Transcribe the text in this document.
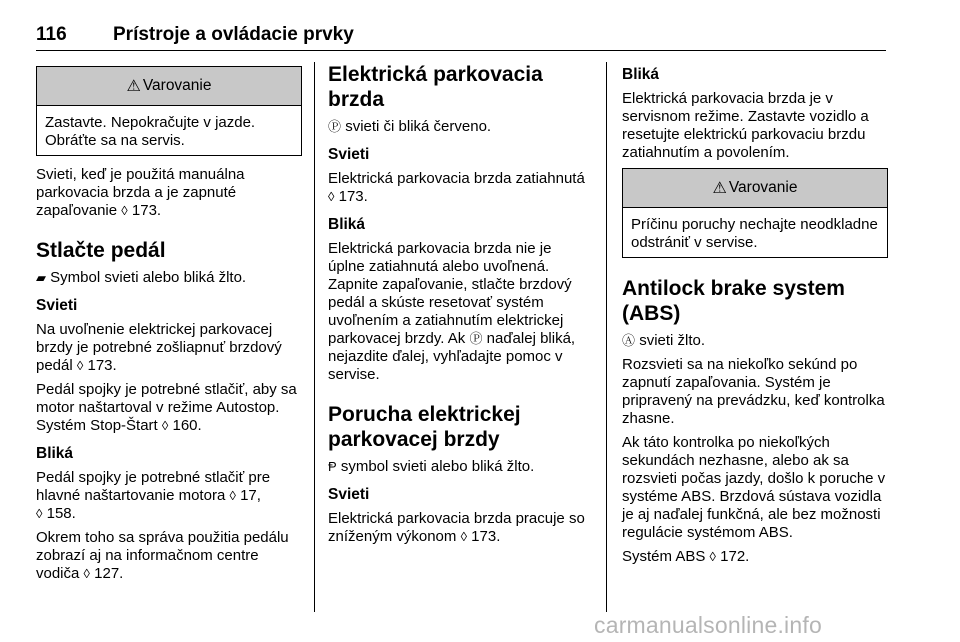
116 Prístroje a ovládacie prvky
⚠ Varovanie
Zastavte. Nepokračujte v jazde. Obráťte sa na servis.

Svieti, keď je použitá manuálna parkovacia brzda a je zapnuté zapaľovanie ◊ 173.

Stlačte pedál

▰ Symbol svieti alebo bliká žlto.

Svieti

Na uvoľnenie elektrickej parkovacej brzdy je potrebné zošliapnuť brzdový pedál ◊ 173.

Pedál spojky je potrebné stlačiť, aby sa motor naštartoval v režime Autostop. Systém Stop-Štart ◊ 160.

Bliká

Pedál spojky je potrebné stlačiť pre hlavné naštartovanie motora ◊ 17,
◊ 158.

Okrem toho sa správa použitia pedálu zobrazí aj na informačnom centre vodiča ◊ 127.

Elektrická parkovacia brzda

Ⓟ svieti či bliká červeno.

Svieti

Elektrická parkovacia brzda zatiahnutá ◊ 173.

Bliká

Elektrická parkovacia brzda nie je úplne zatiahnutá alebo uvoľnená. Zapnite zapaľovanie, stlačte brzdový pedál a skúste resetovať systém uvoľnením a zatiahnutím elektrickej parkovacej brzdy. Ak Ⓟ naďalej bliká, nejazdite ďalej, vyhľadajte pomoc v servise.

Porucha elektrickej parkovacej brzdy

Ᵽ symbol svieti alebo bliká žlto.

Svieti

Elektrická parkovacia brzda pracuje so zníženým výkonom ◊ 173.

Bliká

Elektrická parkovacia brzda je v servisnom režime. Zastavte vozidlo a resetujte elektrickú parkovaciu brzdu zatiahnutím a povolením.

⚠ Varovanie
Príčinu poruchy nechajte neodkladne odstrániť v servise.
Antilock brake system (ABS)

Ⓐ svieti žlto.

Rozsvieti sa na niekoľko sekúnd po zapnutí zapaľovania. Systém je pripravený na prevádzku, keď kontrolka zhasne.

Ak táto kontrolka po niekoľkých sekundách nezhasne, alebo ak sa rozsvieti počas jazdy, došlo k poruche v systéme ABS. Brzdová sústava vozidla je aj naďalej funkčná, ale bez možnosti regulácie systémom ABS.

Systém ABS ◊ 172.

carmanualsonline.info
